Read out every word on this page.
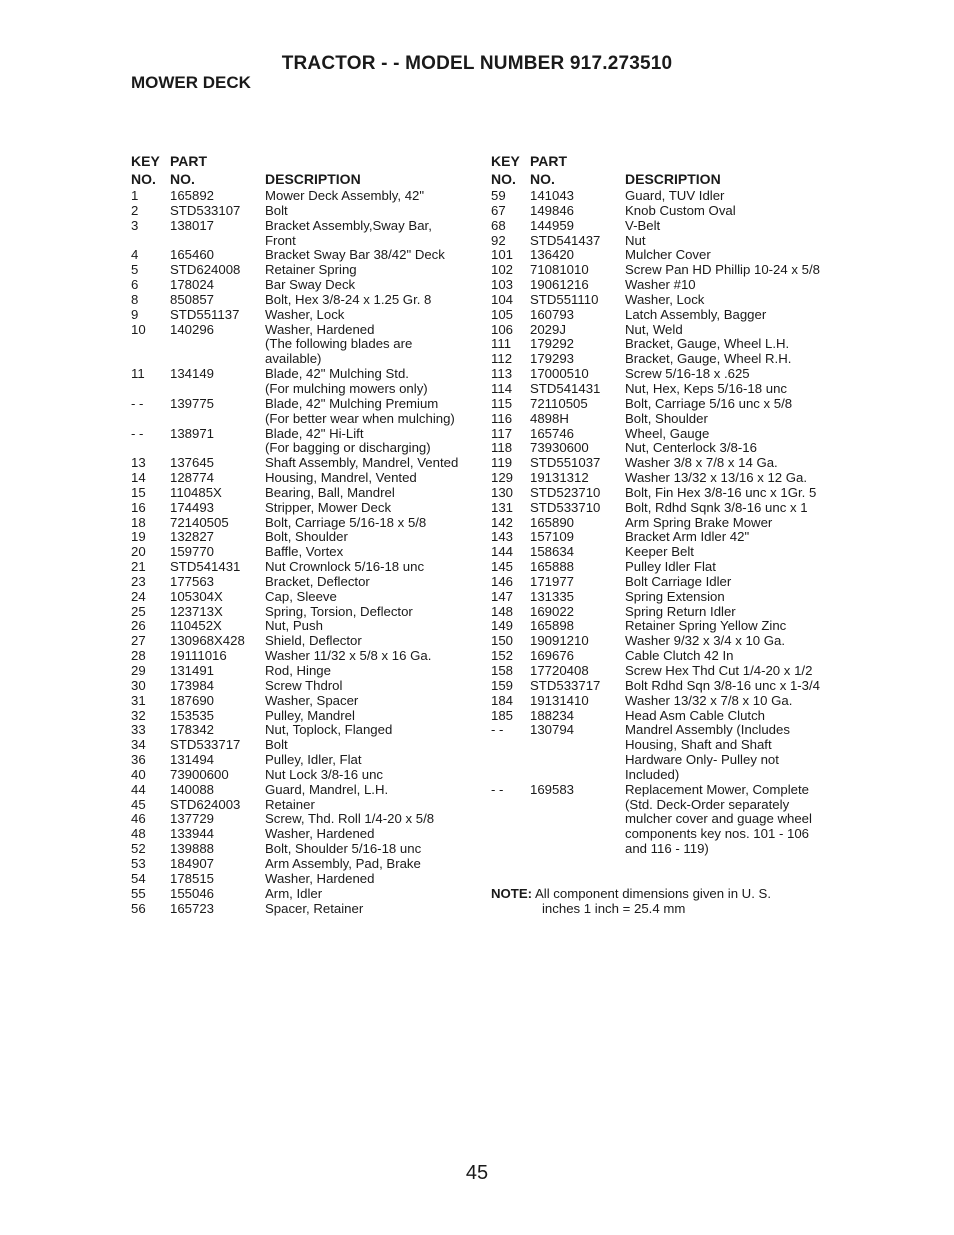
TRACTOR - - MODEL NUMBER 917.273510
MOWER DECK
KEY PART
NO. NO.	DESCRIPTION
1 165892	Mower Deck Assembly, 42"
2 STD533107 Bolt
3 138017	Bracket Assembly,Sway Bar,
Front
4 165460	Bracket Sway Bar 38/42" Deck
5 STD624008 Retainer Spring
6 178024	Bar Sway Deck
8 850857	Bolt, Hex 3/8-24 x 1.25 Gr. 8
9 STD551137 Washer, Lock
10 140296	Washer, Hardened
(The following blades are
available)
11 134149	Blade, 42" Mulching Std.
(For mulching mowers only)
- - 139775	Blade, 42" Mulching Premium
(For better wear when mulching)
- - 138971	Blade, 42" Hi-Lift
(For bagging or discharging)
13 137645	Shaft Assembly, Mandrel, Vented
14 128774	Housing, Mandrel, Vented
15 110485X	Bearing, Ball, Mandrel
16 174493	Stripper, Mower Deck
18 72140505	Bolt, Carriage 5/16-18 x 5/8
19 132827	Bolt, Shoulder
20 159770	Baffle, Vortex
21 STD541431 Nut Crownlock 5/16-18 unc
23 177563	Bracket, Deflector
24 105304X	Cap, Sleeve
25 123713X	Spring, Torsion, Deflector
26 110452X	Nut, Push
27 130968X428 Shield, Deflector
28 19111016	Washer 11/32 x 5/8 x 16 Ga.
29 131491	Rod, Hinge
30 173984	Screw Thdrol
31 187690	Washer, Spacer
32 153535	Pulley, Mandrel
33 178342	Nut, Toplock, Flanged
34 STD533717 Bolt
36 131494	Pulley, Idler, Flat
40 73900600	Nut Lock 3/8-16 unc
44 140088	Guard, Mandrel, L.H.
45 STD624003 Retainer
46 137729	Screw, Thd. Roll 1/4-20 x 5/8
48 133944	Washer, Hardened
52 139888	Bolt, Shoulder 5/16-18 unc
53 184907	Arm Assembly, Pad, Brake
54 178515	Washer, Hardened
55 155046	Arm, Idler
56 165723	Spacer, Retainer
KEY PART
NO. NO.	DESCRIPTION
59 141043	Guard, TUV Idler
67 149846	Knob Custom Oval
68 144959	V-Belt
92 STD541437 Nut
101 136420	Mulcher Cover
102 71081010	Screw Pan HD Phillip 10-24 x 5/8
103 19061216	Washer #10
104 STD551110 Washer, Lock
105 160793	Latch Assembly, Bagger
106 2029J	Nut, Weld
111 179292	Bracket, Gauge, Wheel L.H.
112 179293	Bracket, Gauge, Wheel R.H.
113 17000510	Screw 5/16-18 x .625
114 STD541431 Nut, Hex, Keps 5/16-18 unc
115 72110505	Bolt, Carriage 5/16 unc x 5/8
116 4898H	Bolt, Shoulder
117 165746	Wheel, Gauge
118 73930600	Nut, Centerlock 3/8-16
119 STD551037 Washer 3/8 x 7/8 x 14 Ga.
129 19131312	Washer 13/32 x 13/16 x 12 Ga.
130 STD523710 Bolt, Fin Hex 3/8-16 unc x 1Gr. 5
131 STD533710 Bolt, Rdhd Sqnk 3/8-16 unc x 1
142 165890	Arm Spring Brake Mower
143 157109	Bracket Arm Idler 42"
144 158634	Keeper Belt
145 165888	Pulley Idler Flat
146 171977	Bolt Carriage Idler
147 131335	Spring Extension
148 169022	Spring Return Idler
149 165898	Retainer Spring Yellow Zinc
150 19091210	Washer 9/32 x 3/4 x 10 Ga.
152 169676	Cable Clutch 42 In
158 17720408	Screw Hex Thd Cut 1/4-20 x 1/2
159 STD533717 Bolt Rdhd Sqn 3/8-16 unc x 1-3/4
184 19131410	Washer 13/32 x 7/8 x 10 Ga.
185 188234	Head Asm Cable Clutch
- - 130794	Mandrel Assembly (Includes
Housing, Shaft and Shaft
Hardware Only- Pulley not
Included)
- - 169583	Replacement Mower, Complete
(Std. Deck-Order separately
mulcher cover and guage wheel
components key nos. 101 - 106
and 116 - 119)
NOTE: All component dimensions given in U. S.
inches 1 inch = 25.4 mm
45
